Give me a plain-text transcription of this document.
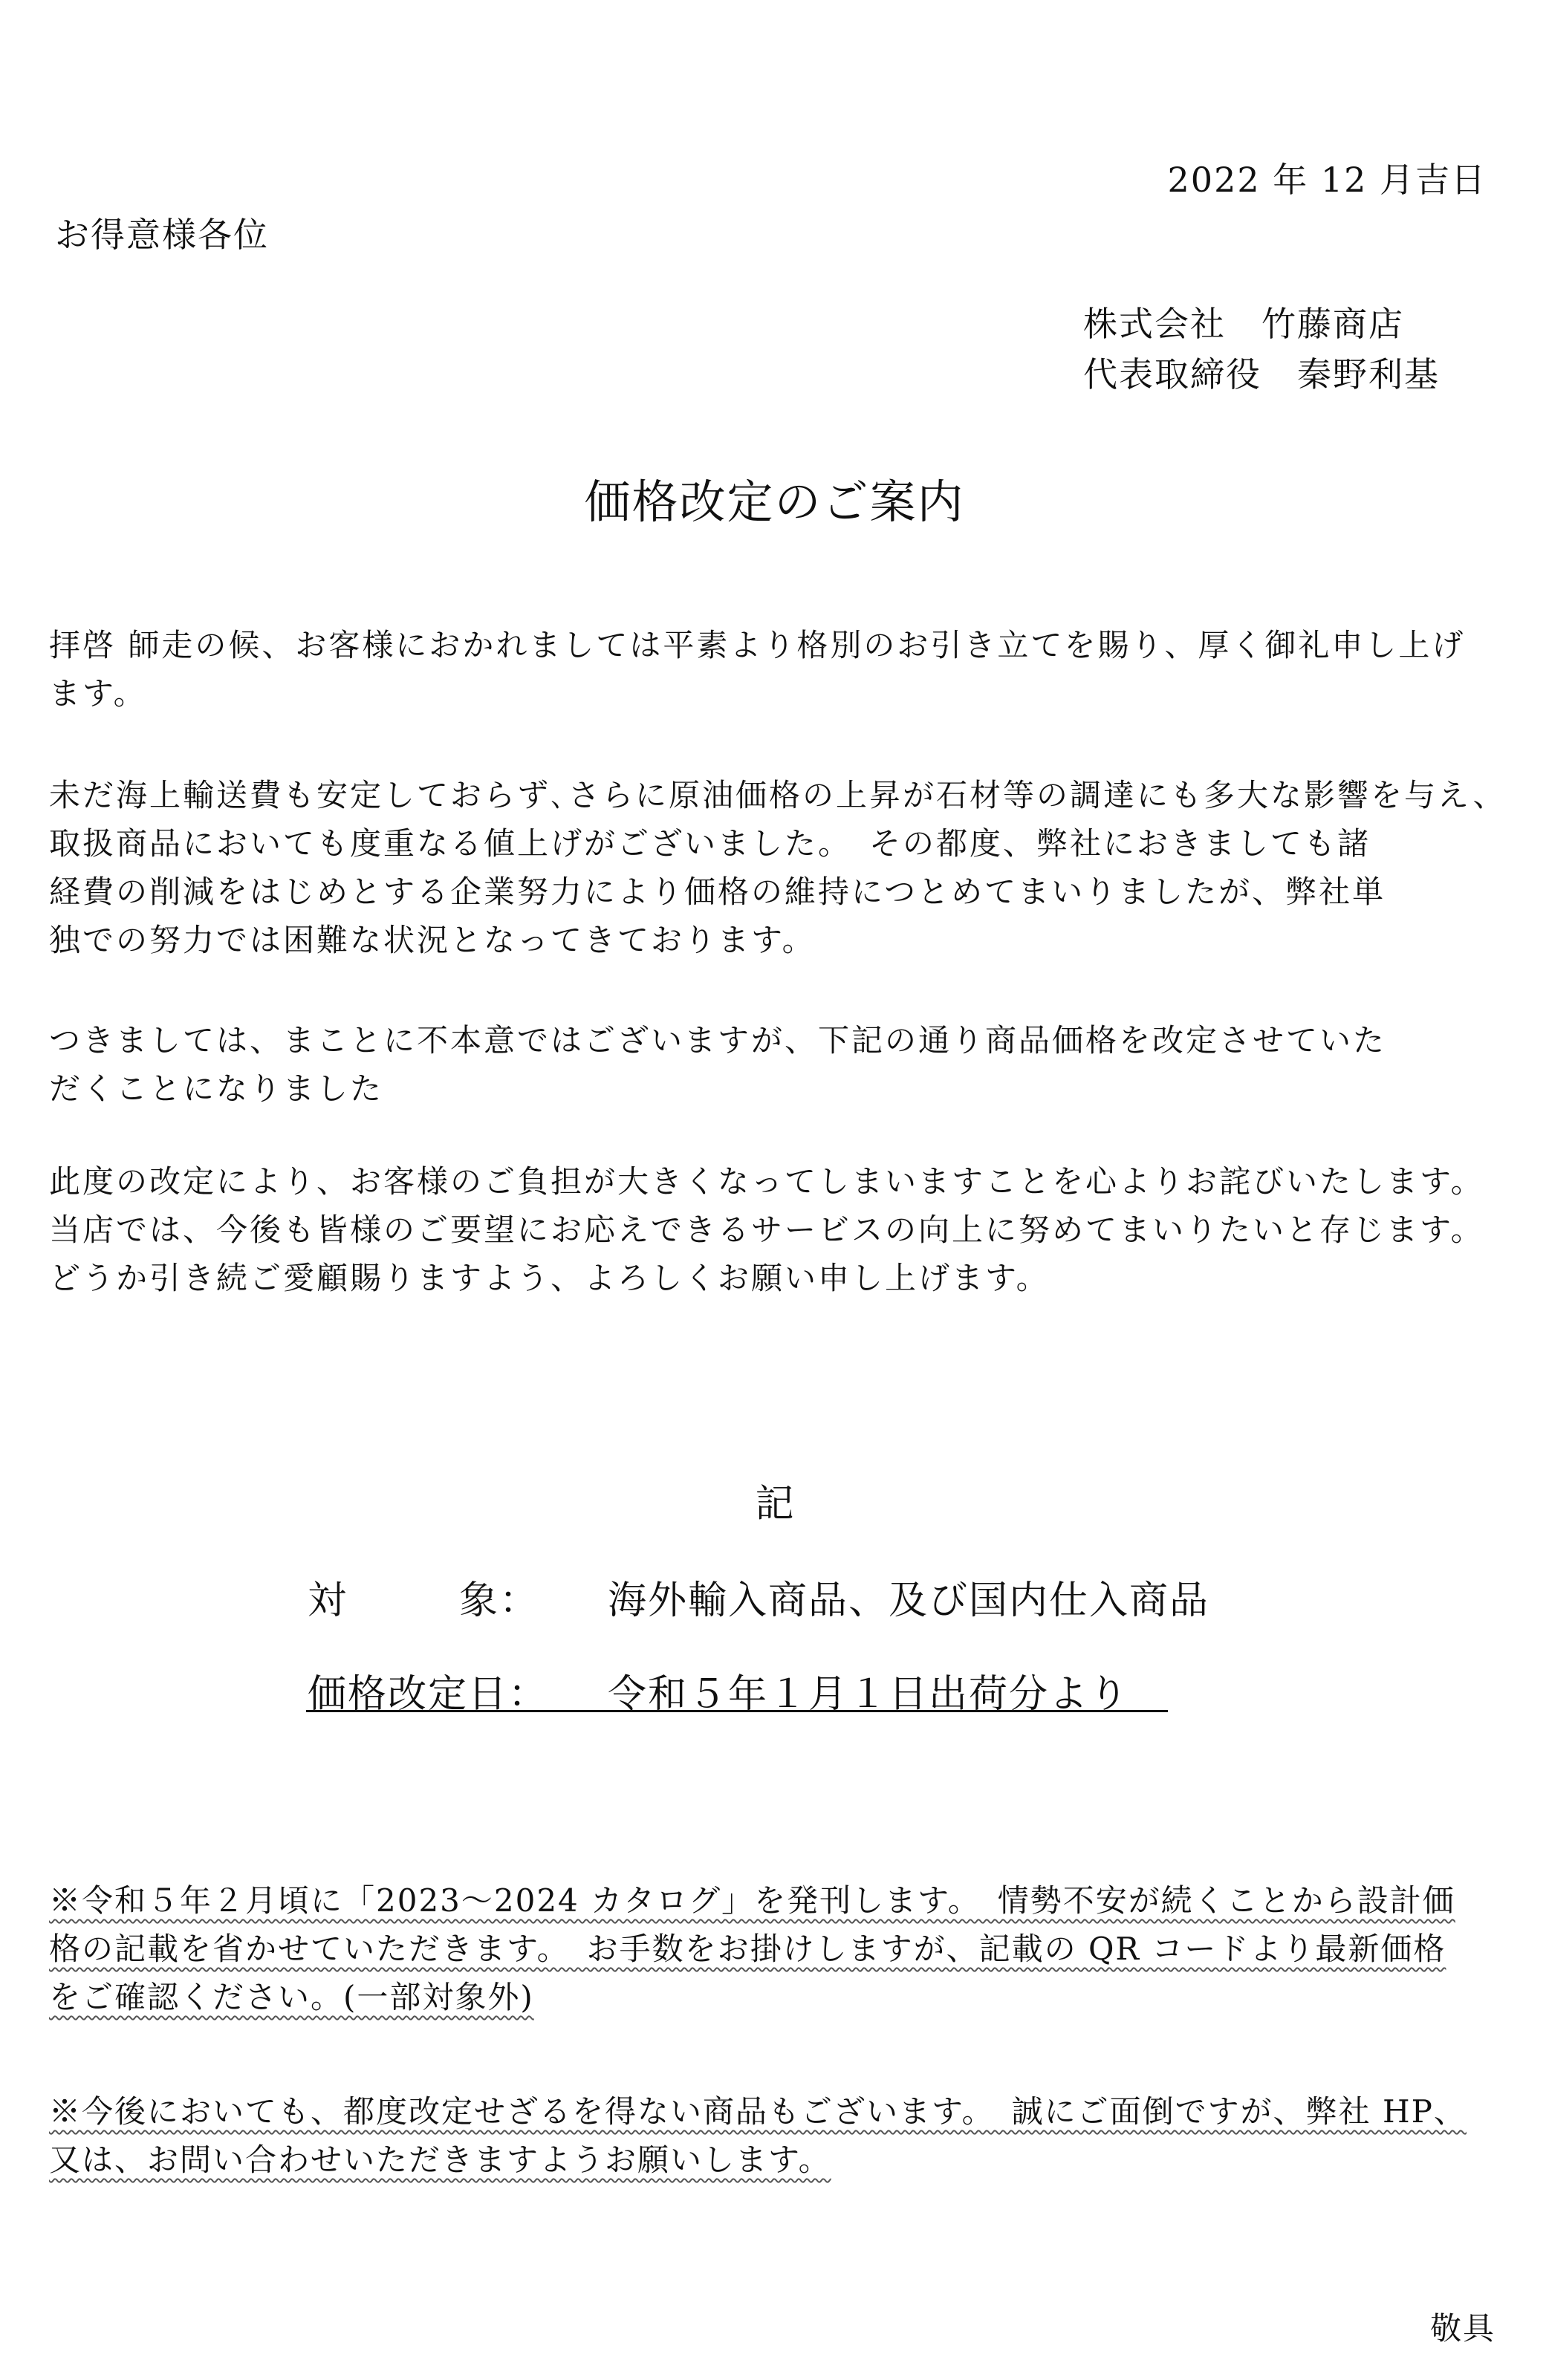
2022 年 12 月吉日
お得意様各位
株式会社　竹藤商店
代表取締役　秦野利基
価格改定のご案内
拝啓 師走の候、お客様におかれましては平素より格別のお引き立てを賜り、厚く御礼申し上げ
ます。
未だ海上輸送費も安定しておらず､さらに原油価格の上昇が石材等の調達にも多大な影響を与え、
取扱商品においても度重なる値上げがございました。　その都度、弊社におきましても諸
経費の削減をはじめとする企業努力により価格の維持につとめてまいりましたが、弊社単
独での努力では困難な状況となってきております。
つきましては、まことに不本意ではございますが、下記の通り商品価格を改定させていた
だくことになりました
此度の改定により、お客様のご負担が大きくなってしまいますことを心よりお詫びいたします。
当店では、今後も皆様のご要望にお応えできるサービスの向上に努めてまいりたいと存じます。
どうか引き続ご愛顧賜りますよう、よろしくお願い申し上げます。
記
対	象： 海外輸入商品、及び国内仕入商品
価格改定日： 令和５年１月１日出荷分より
※令和５年２月頃に「2023～2024 カタログ」を発刊します。　情勢不安が続くことから設計価
格の記載を省かせていただきます。　お手数をお掛けしますが、記載の QR コードより最新価格
をご確認ください。(一部対象外)
※今後においても、都度改定せざるを得ない商品もございます。　誠にご面倒ですが、弊社 HP、
又は、お問い合わせいただきますようお願いします。
敬具
